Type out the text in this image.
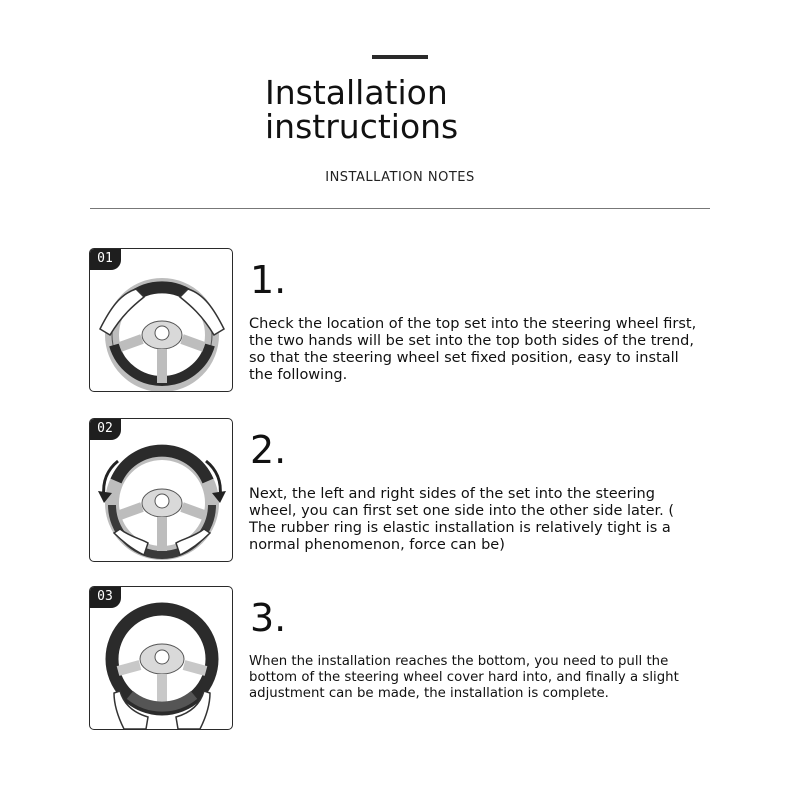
Installation instructions
INSTALLATION NOTES
01	1.
Check the location of the top set into the steering wheel first, the two hands will be set into the top both sides of the trend, so that the steering wheel set fixed position, easy to install the following.
02	2.
Next, the left and right sides of the set into the steering wheel, you can first set one side into the other side later. ( The rubber ring is elastic installation is relatively tight is a normal phenomenon, force can be)
03	3.
When the installation reaches the bottom, you need to pull the bottom of the steering wheel cover hard into, and finally a slight adjustment can be made, the installation is complete.
